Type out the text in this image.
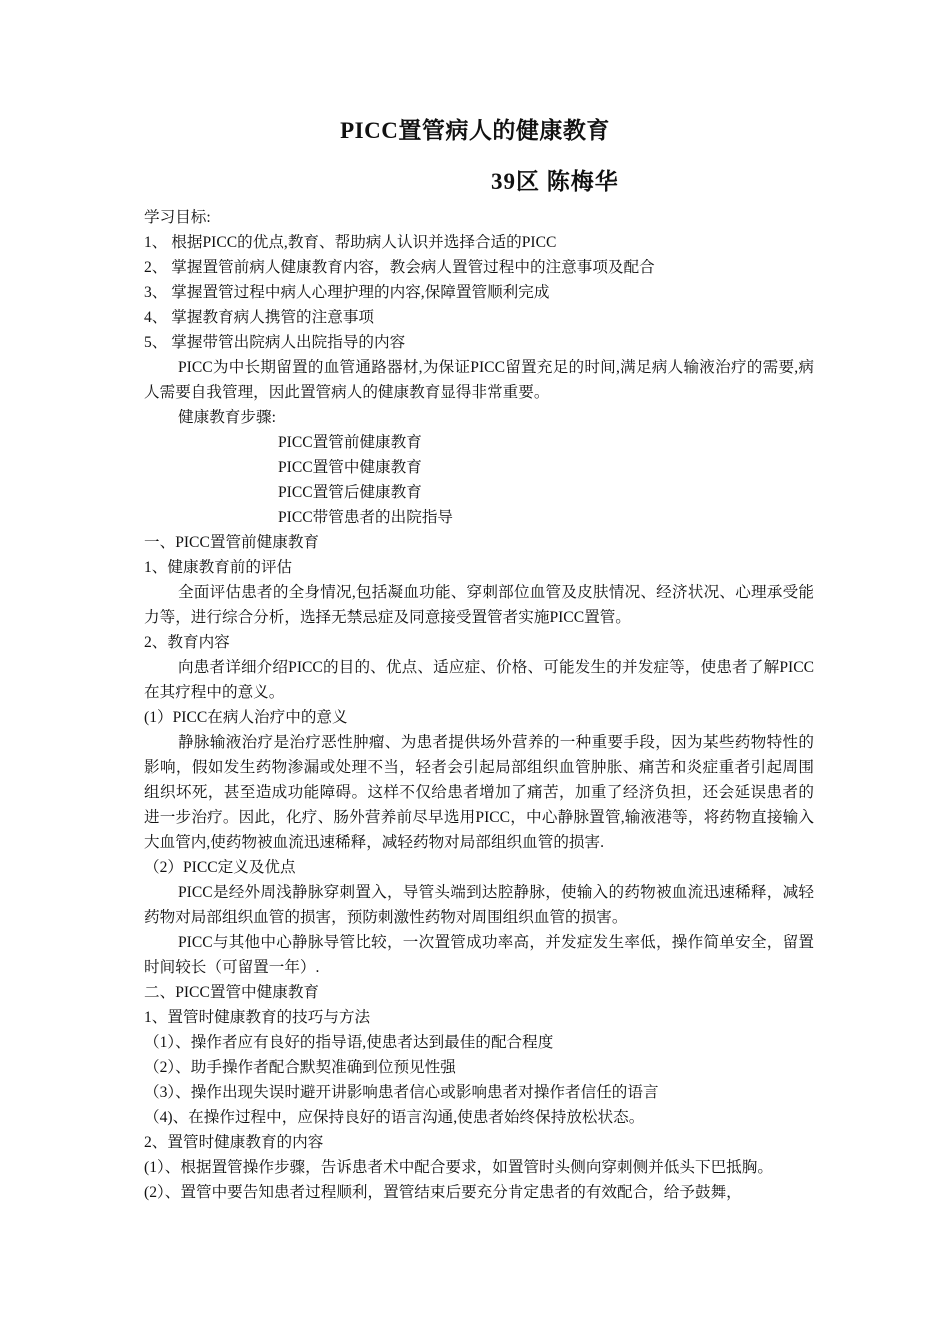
PICC置管病人的健康教育
39区 陈梅华

学习目标:

1、 根据PICC的优点,教育、帮助病人认识并选择合适的PICC

2、 掌握置管前病人健康教育内容，教会病人置管过程中的注意事项及配合

3、 掌握置管过程中病人心理护理的内容,保障置管顺利完成

4、 掌握教育病人携管的注意事项

5、 掌握带管出院病人出院指导的内容

PICC为中长期留置的血管通路器材,为保证PICC留置充足的时间,满足病人输液治疗的需要,病人需要自我管理，因此置管病人的健康教育显得非常重要。

健康教育步骤:

PICC置管前健康教育

PICC置管中健康教育

PICC置管后健康教育

PICC带管患者的出院指导

一、PICC置管前健康教育

1、健康教育前的评估

全面评估患者的全身情况,包括凝血功能、穿刺部位血管及皮肤情况、经济状况、心理承受能力等，进行综合分析，选择无禁忌症及同意接受置管者实施PICC置管。

2、教育内容

向患者详细介绍PICC的目的、优点、适应症、价格、可能发生的并发症等，使患者了解PICC在其疗程中的意义。

(1）PICC在病人治疗中的意义

静脉输液治疗是治疗恶性肿瘤、为患者提供场外营养的一种重要手段，因为某些药物特性的影响，假如发生药物渗漏或处理不当，轻者会引起局部组织血管肿胀、痛苦和炎症重者引起周围组织坏死，甚至造成功能障碍。这样不仅给患者增加了痛苦，加重了经济负担，还会延误患者的进一步治疗。因此，化疗、肠外营养前尽早选用PICC，中心静脉置管,输液港等，将药物直接输入大血管内,使药物被血流迅速稀释，减轻药物对局部组织血管的损害.

（2）PICC定义及优点

PICC是经外周浅静脉穿刺置入，导管头端到达腔静脉，使输入的药物被血流迅速稀释，减轻药物对局部组织血管的损害，预防刺激性药物对周围组织血管的损害。

PICC与其他中心静脉导管比较，一次置管成功率高，并发症发生率低，操作简单安全，留置时间较长（可留置一年）.

二、PICC置管中健康教育

1、置管时健康教育的技巧与方法

（1）、操作者应有良好的指导语,使患者达到最佳的配合程度

（2）、助手操作者配合默契准确到位预见性强

（3）、操作出现失误时避开讲影响患者信心或影响患者对操作者信任的语言

（4)、在操作过程中，应保持良好的语言沟通,使患者始终保持放松状态。

2、置管时健康教育的内容

(1）、根据置管操作步骤，告诉患者术中配合要求，如置管时头侧向穿刺侧并低头下巴抵胸。

(2）、置管中要告知患者过程顺利，置管结束后要充分肯定患者的有效配合，给予鼓舞，
